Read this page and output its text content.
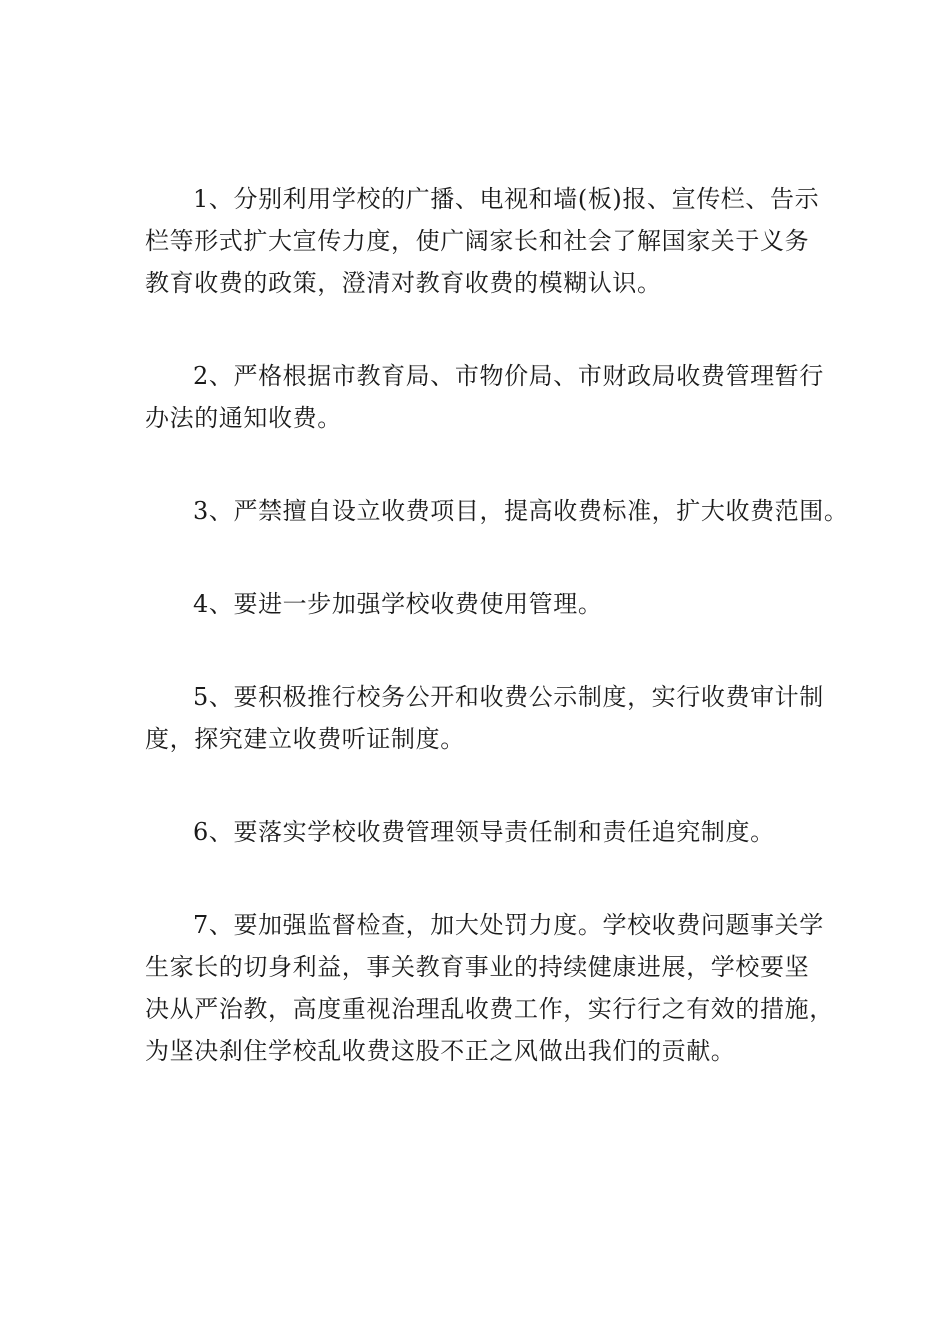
1、分别利用学校的广播、电视和墙(板)报、宣传栏、告示
栏等形式扩大宣传力度，使广阔家长和社会了解国家关于义务
教育收费的政策，澄清对教育收费的模糊认识。
2、严格根据市教育局、市物价局、市财政局收费管理暂行
办法的通知收费。
3、严禁擅自设立收费项目，提高收费标准，扩大收费范围。
4、要进一步加强学校收费使用管理。
5、要积极推行校务公开和收费公示制度，实行收费审计制
度，探究建立收费听证制度。
6、要落实学校收费管理领导责任制和责任追究制度。
7、要加强监督检查，加大处罚力度。学校收费问题事关学
生家长的切身利益，事关教育事业的持续健康进展，学校要坚
决从严治教，高度重视治理乱收费工作，实行行之有效的措施，
为坚决刹住学校乱收费这股不正之风做出我们的贡献。
